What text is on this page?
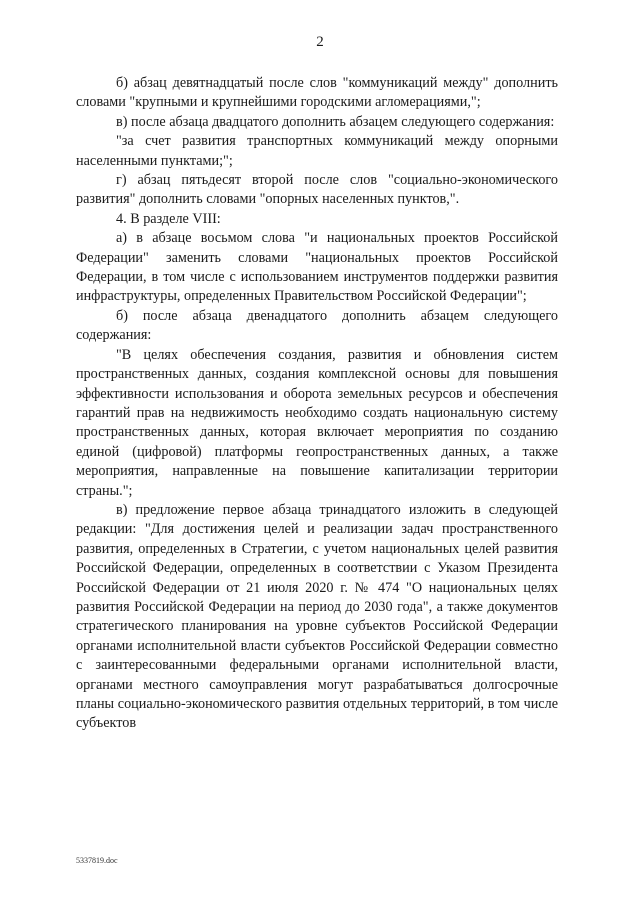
2

б) абзац девятнадцатый после слов "коммуникаций между" дополнить словами "крупными и крупнейшими городскими агломерациями,";

в) после абзаца двадцатого дополнить абзацем следующего содержания:

"за счет развития транспортных коммуникаций между опорными населенными пунктами;";

г) абзац пятьдесят второй после слов "социально-экономического развития" дополнить словами "опорных населенных пунктов,".

4. В разделе VIII:

а) в абзаце восьмом слова "и национальных проектов Российской Федерации" заменить словами "национальных проектов Российской Федерации, в том числе с использованием инструментов поддержки развития инфраструктуры, определенных Правительством Российской Федерации";

б) после абзаца двенадцатого дополнить абзацем следующего содержания:

"В целях обеспечения создания, развития и обновления систем пространственных данных, создания комплексной основы для повышения эффективности использования и оборота земельных ресурсов и обеспечения гарантий прав на недвижимость необходимо создать национальную систему пространственных данных, которая включает мероприятия по созданию единой (цифровой) платформы геопространственных данных, а также мероприятия, направленные на повышение капитализации территории страны.";

в) предложение первое абзаца тринадцатого изложить в следующей редакции: "Для достижения целей и реализации задач пространственного развития, определенных в Стратегии, с учетом национальных целей развития Российской Федерации, определенных в соответствии с Указом Президента Российской Федерации от 21 июля 2020 г. № 474 "О национальных целях развития Российской Федерации на период до 2030 года", а также документов стратегического планирования на уровне субъектов Российской Федерации органами исполнительной власти субъектов Российской Федерации совместно с заинтересованными федеральными органами исполнительной власти, органами местного самоуправления могут разрабатываться долгосрочные планы социально-экономического развития отдельных территорий, в том числе субъектов

5337819.doc
